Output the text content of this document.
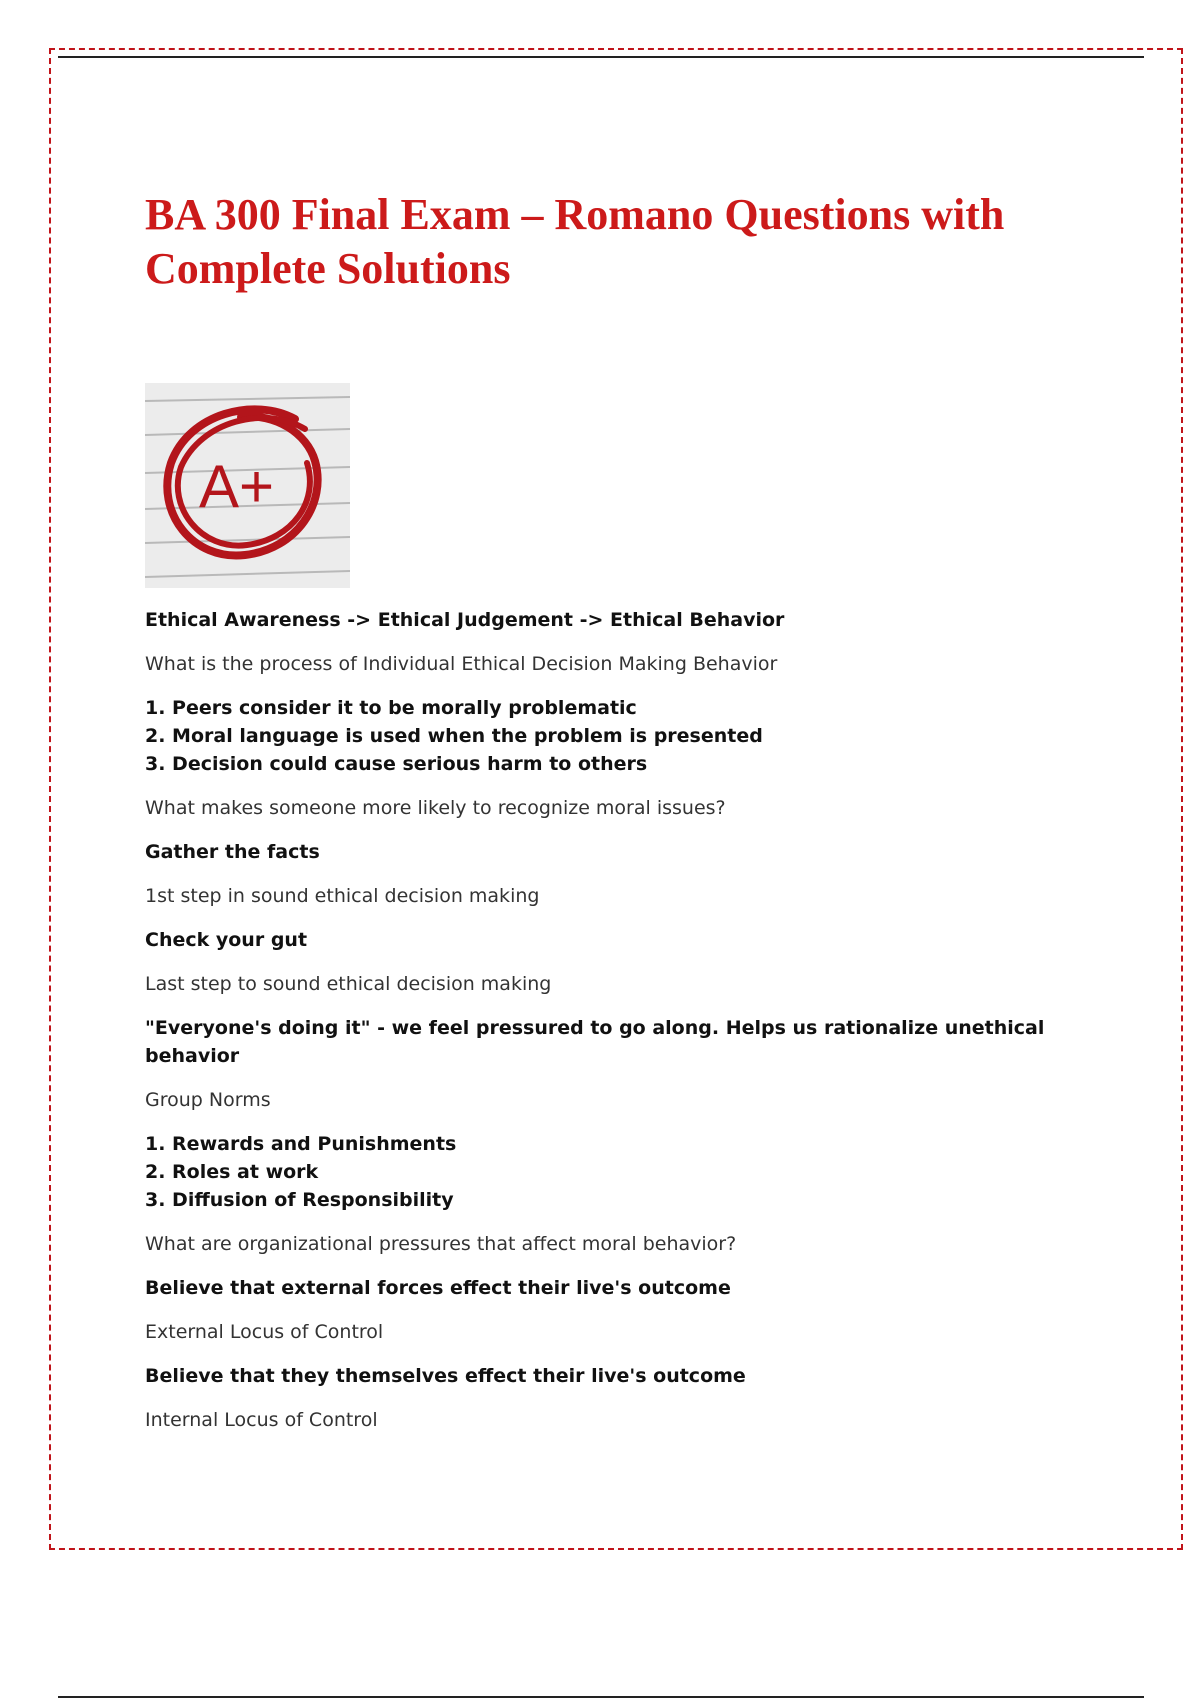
BA 300 Final Exam – Romano Questions with Complete Solutions
A+
Ethical Awareness -> Ethical Judgement -> Ethical Behavior
What is the process of Individual Ethical Decision Making Behavior
1. Peers consider it to be morally problematic
2. Moral language is used when the problem is presented
3. Decision could cause serious harm to others
What makes someone more likely to recognize moral issues?
Gather the facts
1st step in sound ethical decision making
Check your gut
Last step to sound ethical decision making
"Everyone's doing it" - we feel pressured to go along. Helps us rationalize unethical behavior
Group Norms
1. Rewards and Punishments
2. Roles at work
3. Diffusion of Responsibility
What are organizational pressures that affect moral behavior?
Believe that external forces effect their live's outcome
External Locus of Control
Believe that they themselves effect their live's outcome
Internal Locus of Control
